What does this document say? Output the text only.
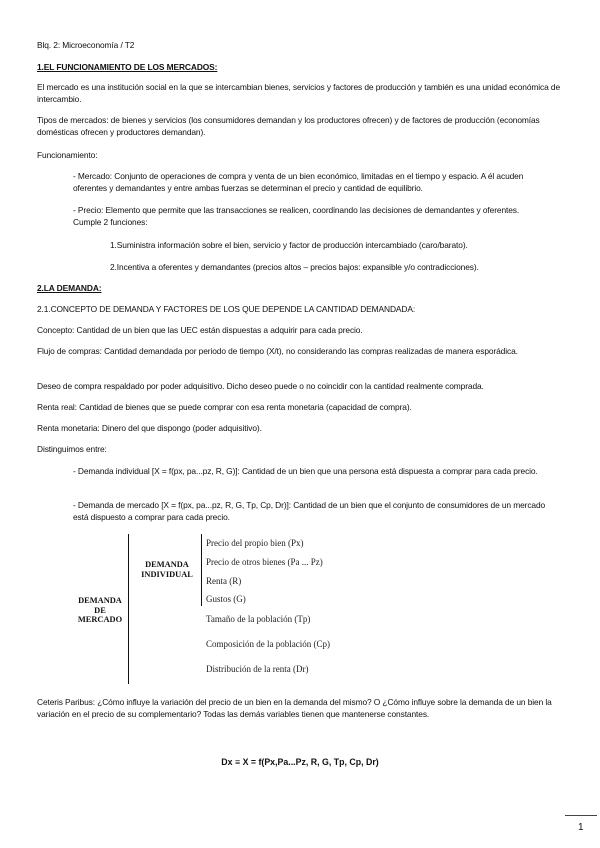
Blq. 2: Microeconomía / T2

1.EL FUNCIONAMIENTO DE LOS MERCADOS:

El mercado es una institución social en la que se intercambian bienes, servicios y factores de producción y también es una unidad económica de intercambio.

Tipos de mercados: de bienes y servicios (los consumidores demandan y los productores ofrecen) y de factores de producción (economías domésticas ofrecen y productores demandan).

Funcionamiento:

- Mercado: Conjunto de operaciones de compra y venta de un bien económico, limitadas en el tiempo y espacio. A él acuden oferentes y demandantes y entre ambas fuerzas se determinan el precio y cantidad de equilibrio.

- Precio: Elemento que permite que las transacciones se realicen, coordinando las decisiones de demandantes y oferentes. Cumple 2 funciones:

1.Suministra información sobre el bien, servicio y factor de producción intercambiado (caro/barato).

2.Incentiva a oferentes y demandantes (precios altos – precios bajos: expansible y/o contradicciones).

2.LA DEMANDA:

2.1.CONCEPTO DE DEMANDA Y FACTORES DE LOS QUE DEPENDE LA CANTIDAD DEMANDADA:

Concepto: Cantidad de un bien que las UEC están dispuestas a adquirir para cada precio.

Flujo de compras: Cantidad demandada por periodo de tiempo (X/t), no considerando las compras realizadas de manera esporádica.

Deseo de compra respaldado por poder adquisitivo. Dicho deseo puede o no coincidir con la cantidad realmente comprada.

Renta real: Cantidad de bienes que se puede comprar con esa renta monetaria (capacidad de compra).

Renta monetaria: Dinero del que dispongo (poder adquisitivo).

Distinguimos entre:

- Demanda individual [X = f(px, pa...pz, R, G)]: Cantidad de un bien que una persona está dispuesta a comprar para cada precio.

- Demanda de mercado [X = f(px, pa...pz, R, G, Tp, Cp, Dr)]: Cantidad de un bien que el conjunto de consumidores de un mercado está dispuesto a comprar para cada precio.

DEMANDA
DE
MERCADO
DEMANDA
INDIVIDUAL
Precio del propio bien (Px)
Precio de otros bienes (Pa ... Pz)
Renta (R)
Gustos (G)
Tamaño de la población (Tp)
Composición de la población (Cp)
Distribución de la renta (Dr)

Ceteris Paribus: ¿Cómo influye la variación del precio de un bien en la demanda del mismo? O ¿Cómo influye sobre la demanda de un bien la variación en el precio de su complementario? Todas las demás variables tienen que mantenerse constantes.

Dx ≡ X = f(Px,Pa...Pz, R, G, Tp, Cp, Dr)

1
